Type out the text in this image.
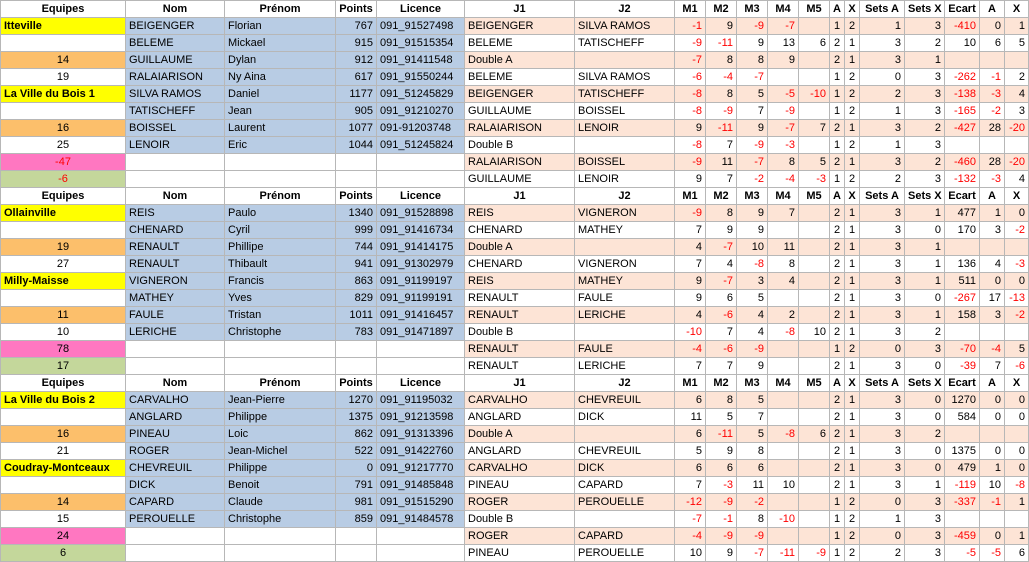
Equipes	Nom	Prénom	Points	Licence	J1	J2	M1	M2	M3	M4	M5	A	X	Sets A	Sets X	Ecart	A	X
Itteville	BEIGENGER	Florian	767	091_91527498	BEIGENGER	SILVA RAMOS	-1	9	-9	-7		1	2	1	3	-410	0	1
	BELEME	Mickael	915	091_91515354	BELEME	TATISCHEFF	-9	-11	9	13	6	2	1	3	2	10	6	5
14	GUILLAUME	Dylan	912	091_91411548	Double A		-7	8	8	9		2	1	3	1			
19	RALAIARISON	Ny Aina	617	091_91550244	BELEME	SILVA RAMOS	-6	-4	-7			1	2	0	3	-262	-1	2
La Ville du Bois 1	SILVA RAMOS	Daniel	1177	091_51245829	BEIGENGER	TATISCHEFF	-8	8	5	-5	-10	1	2	2	3	-138	-3	4
	TATISCHEFF	Jean	905	091_91210270	GUILLAUME	BOISSEL	-8	-9	7	-9		1	2	1	3	-165	-2	3
16	BOISSEL	Laurent	1077	091-91203748	RALAIARISON	LENOIR	9	-11	9	-7	7	2	1	3	2	-427	28	-20
25	LENOIR	Eric	1044	091_51245824	Double B		-8	7	-9	-3		1	2	1	3			
-47					RALAIARISON	BOISSEL	-9	11	-7	8	5	2	1	3	2	-460	28	-20
-6					GUILLAUME	LENOIR	9	7	-2	-4	-3	1	2	2	3	-132	-3	4
Equipes	Nom	Prénom	Points	Licence	J1	J2	M1	M2	M3	M4	M5	A	X	Sets A	Sets X	Ecart	A	X
Ollainville	REIS	Paulo	1340	091_91528898	REIS	VIGNERON	-9	8	9	7		2	1	3	1	477	1	0
	CHENARD	Cyril	999	091_91416734	CHENARD	MATHEY	7	9	9			2	1	3	0	170	3	-2
19	RENAULT	Phillipe	744	091_91414175	Double A		4	-7	10	11		2	1	3	1			
27	RENAULT	Thibault	941	091_91302979	CHENARD	VIGNERON	7	4	-8	8		2	1	3	1	136	4	-3
Milly-Maisse	VIGNERON	Francis	863	091_91199197	REIS	MATHEY	9	-7	3	4		2	1	3	1	511	0	0
	MATHEY	Yves	829	091_91199191	RENAULT	FAULE	9	6	5			2	1	3	0	-267	17	-13
11	FAULE	Tristan	1011	091_91416457	RENAULT	LERICHE	4	-6	4	2		2	1	3	1	158	3	-2
10	LERICHE	Christophe	783	091_91471897	Double B		-10	7	4	-8	10	2	1	3	2			
78					RENAULT	FAULE	-4	-6	-9			1	2	0	3	-70	-4	5
17					RENAULT	LERICHE	7	7	9			2	1	3	0	-39	7	-6
Equipes	Nom	Prénom	Points	Licence	J1	J2	M1	M2	M3	M4	M5	A	X	Sets A	Sets X	Ecart	A	X
La Ville du Bois 2	CARVALHO	Jean-Pierre	1270	091_91195032	CARVALHO	CHEVREUIL	6	8	5			2	1	3	0	1270	0	0
	ANGLARD	Philippe	1375	091_91213598	ANGLARD	DICK	11	5	7			2	1	3	0	584	0	0
16	PINEAU	Loic	862	091_91313396	Double A		6	-11	5	-8	6	2	1	3	2			
21	ROGER	Jean-Michel	522	091_91422760	ANGLARD	CHEVREUIL	5	9	8			2	1	3	0	1375	0	0
Coudray-Montceaux	CHEVREUIL	Philippe	0	091_91217770	CARVALHO	DICK	6	6	6			2	1	3	0	479	1	0
	DICK	Benoit	791	091_91485848	PINEAU	CAPARD	7	-3	11	10		2	1	3	1	-119	10	-8
14	CAPARD	Claude	981	091_91515290	ROGER	PEROUELLE	-12	-9	-2			1	2	0	3	-337	-1	1
15	PEROUELLE	Christophe	859	091_91484578	Double B		-7	-1	8	-10		1	2	1	3			
24					ROGER	CAPARD	-4	-9	-9			1	2	0	3	-459	0	1
6					PINEAU	PEROUELLE	10	9	-7	-11	-9	1	2	2	3	-5	-5	6
